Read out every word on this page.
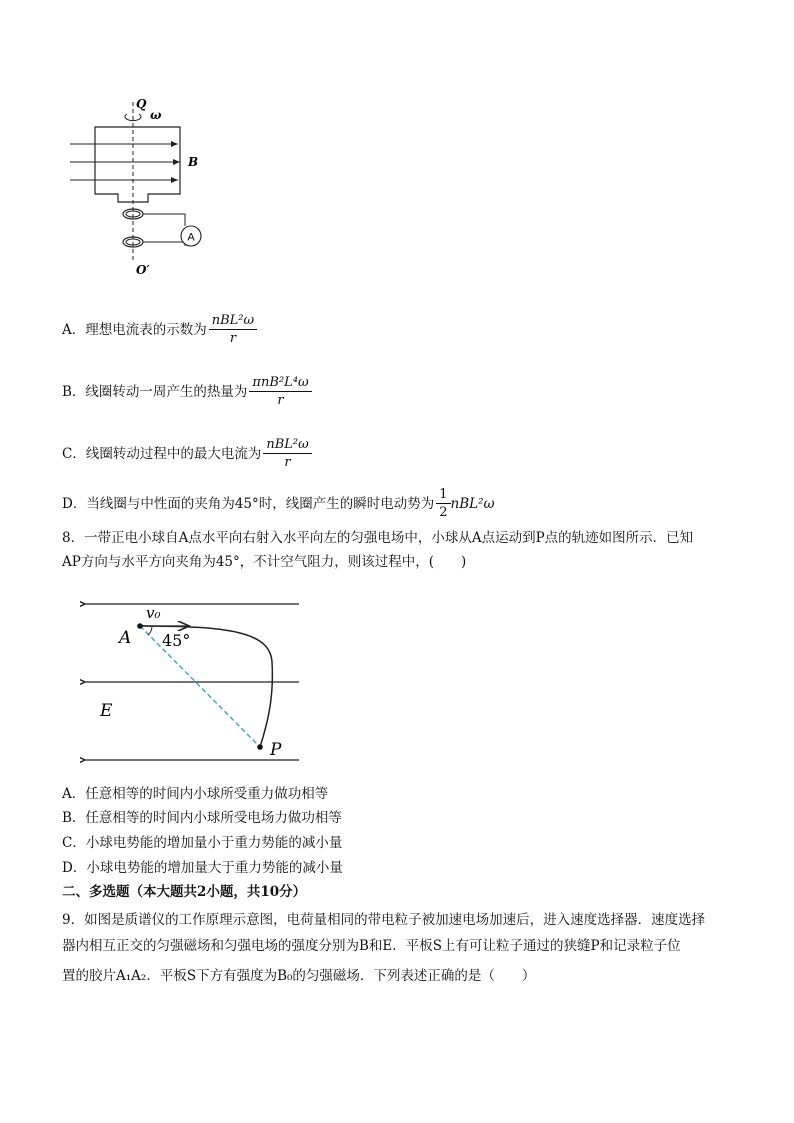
A
Q
ω
B
O′
A．理想电流表的示数为 $\frac{\text{nBL²ω}}{r}$
B．线圈转动一周产生的热量为 $\frac{\text{πnB²L⁴ω}}{r}$
C．线圈转动过程中的最大电流为 $\frac{\text{nBL²ω}}{r}$
D．当线圈与中性面的夹角为45°时，线圈产生的瞬时电动势为 $\frac{1}{2} nBL^2\omega$
8．一带正电小球自A点水平向右射入水平向左的匀强电场中，小球从A点运动到P点的轨迹如图所示．已知
AP方向与水平方向夹角为45°，不计空气阻力，则该过程中，(　　)
v₀
A 45°
E
P
A．任意相等的时间内小球所受重力做功相等
B．任意相等的时间内小球所受电场力做功相等
C．小球电势能的增加量小于重力势能的减小量
D．小球电势能的增加量大于重力势能的减小量
二、多选题（本大题共2小题，共10分）
9．如图是质谱仪的工作原理示意图，电荷量相同的带电粒子被加速电场加速后，进入速度选择器．速度选择
器内相互正交的匀强磁场和匀强电场的强度分别为B和E．平板S上有可让粒子通过的狭缝P和记录粒子位
置的胶片A₁A₂．平板S下方有强度为B₀的匀强磁场．下列表述正确的是（　　）
